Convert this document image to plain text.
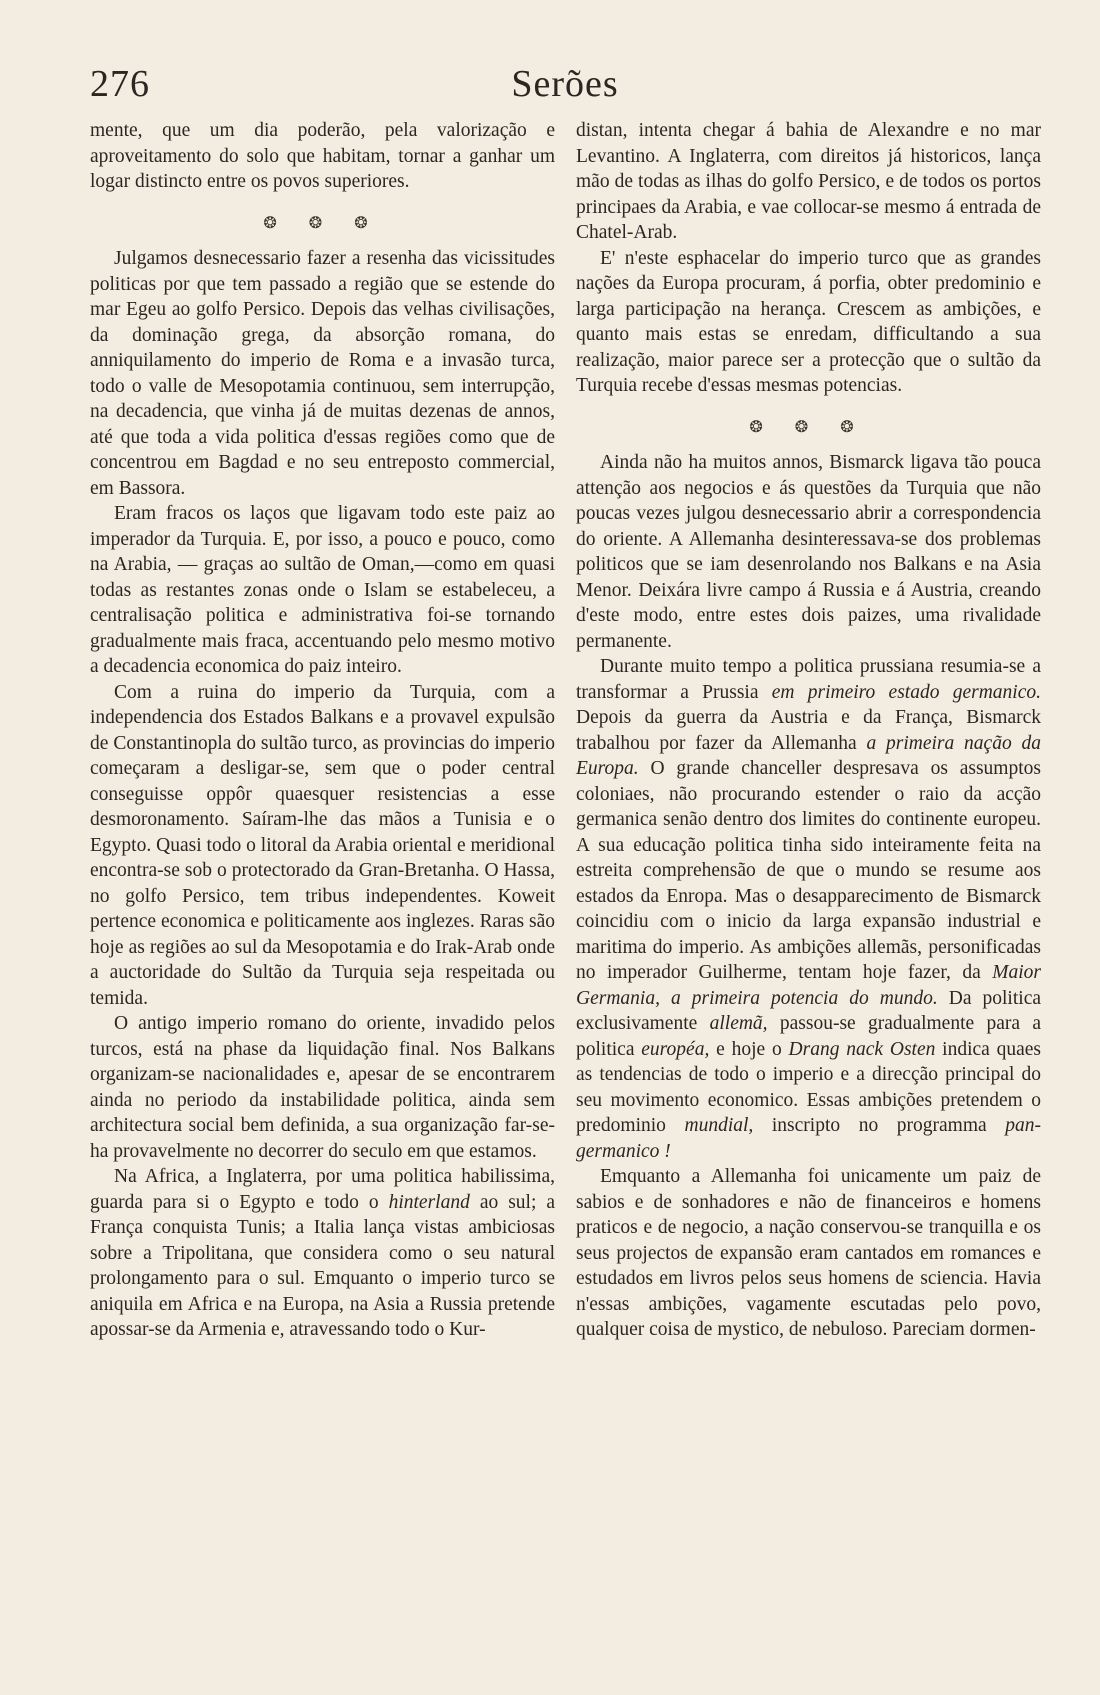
276	Serões

mente, que um dia poderão, pela valorização e aproveitamento do solo que habitam, tornar a ganhar um logar distincto entre os povos superiores.

❂ ❂ ❂

Julgamos desnecessario fazer a resenha das vicissitudes politicas por que tem passado a região que se estende do mar Egeu ao golfo Persico. Depois das velhas civilisações, da dominação grega, da absorção romana, do anniquilamento do imperio de Roma e a invasão turca, todo o valle de Mesopotamia continuou, sem interrupção, na decadencia, que vinha já de muitas dezenas de annos, até que toda a vida politica d'essas regiões como que de concentrou em Bagdad e no seu entreposto commercial, em Bassora.

Eram fracos os laços que ligavam todo este paiz ao imperador da Turquia. E, por isso, a pouco e pouco, como na Arabia, — graças ao sultão de Oman,—como em quasi todas as restantes zonas onde o Islam se estabeleceu, a centralisação politica e administrativa foi-se tornando gradualmente mais fraca, accentuando pelo mesmo motivo a decadencia economica do paiz inteiro.

Com a ruina do imperio da Turquia, com a independencia dos Estados Balkans e a provavel expulsão de Constantinopla do sultão turco, as provincias do imperio começaram a desligar-se, sem que o poder central conseguisse oppôr quaesquer resistencias a esse desmoronamento. Saíram-lhe das mãos a Tunisia e o Egypto. Quasi todo o litoral da Arabia oriental e meridional encontra-se sob o protectorado da Gran-Bretanha. O Hassa, no golfo Persico, tem tribus independentes. Koweit pertence economica e politicamente aos inglezes. Raras são hoje as regiões ao sul da Mesopotamia e do Irak-Arab onde a auctoridade do Sultão da Turquia seja respeitada ou temida.

O antigo imperio romano do oriente, invadido pelos turcos, está na phase da liquidação final. Nos Balkans organizam-se nacionalidades e, apesar de se encontrarem ainda no periodo da instabilidade politica, ainda sem architectura social bem definida, a sua organização far-se-ha provavelmente no decorrer do seculo em que estamos.

Na Africa, a Inglaterra, por uma politica habilissima, guarda para si o Egypto e todo o hinterland ao sul; a França conquista Tunis; a Italia lança vistas ambiciosas sobre a Tripolitana, que considera como o seu natural prolongamento para o sul. Emquanto o imperio turco se aniquila em Africa e na Europa, na Asia a Russia pretende apossar-se da Armenia e, atravessando todo o Kur-

distan, intenta chegar á bahia de Alexandre e no mar Levantino. A Inglaterra, com direitos já historicos, lança mão de todas as ilhas do golfo Persico, e de todos os portos principaes da Arabia, e vae collocar-se mesmo á entrada de Chatel-Arab.

E' n'este esphacelar do imperio turco que as grandes nações da Europa procuram, á porfia, obter predominio e larga participação na herança. Crescem as ambições, e quanto mais estas se enredam, difficultando a sua realização, maior parece ser a protecção que o sultão da Turquia recebe d'essas mesmas potencias.

❂ ❂ ❂

Ainda não ha muitos annos, Bismarck ligava tão pouca attenção aos negocios e ás questões da Turquia que não poucas vezes julgou desnecessario abrir a correspondencia do oriente. A Allemanha desinteressava-se dos problemas politicos que se iam desenrolando nos Balkans e na Asia Menor. Deixára livre campo á Russia e á Austria, creando d'este modo, entre estes dois paizes, uma rivalidade permanente.

Durante muito tempo a politica prussiana resumia-se a transformar a Prussia em primeiro estado germanico. Depois da guerra da Austria e da França, Bismarck trabalhou por fazer da Allemanha a primeira nação da Europa. O grande chanceller despresava os assumptos coloniaes, não procurando estender o raio da acção germanica senão dentro dos limites do continente europeu. A sua educação politica tinha sido inteiramente feita na estreita comprehensão de que o mundo se resume aos estados da Enropa. Mas o desapparecimento de Bismarck coincidiu com o inicio da larga expansão industrial e maritima do imperio. As ambições allemãs, personificadas no imperador Guilherme, tentam hoje fazer, da Maior Germania, a primeira potencia do mundo. Da politica exclusivamente allemã, passou-se gradualmente para a politica européa, e hoje o Drang nack Osten indica quaes as tendencias de todo o imperio e a direcção principal do seu movimento economico. Essas ambições pretendem o predominio mundial, inscripto no programma pan-germanico !

Emquanto a Allemanha foi unicamente um paiz de sabios e de sonhadores e não de financeiros e homens praticos e de negocio, a nação conservou-se tranquilla e os seus projectos de expansão eram cantados em romances e estudados em livros pelos seus homens de sciencia. Havia n'essas ambições, vagamente escutadas pelo povo, qualquer coisa de mystico, de nebuloso. Pareciam dormen-
